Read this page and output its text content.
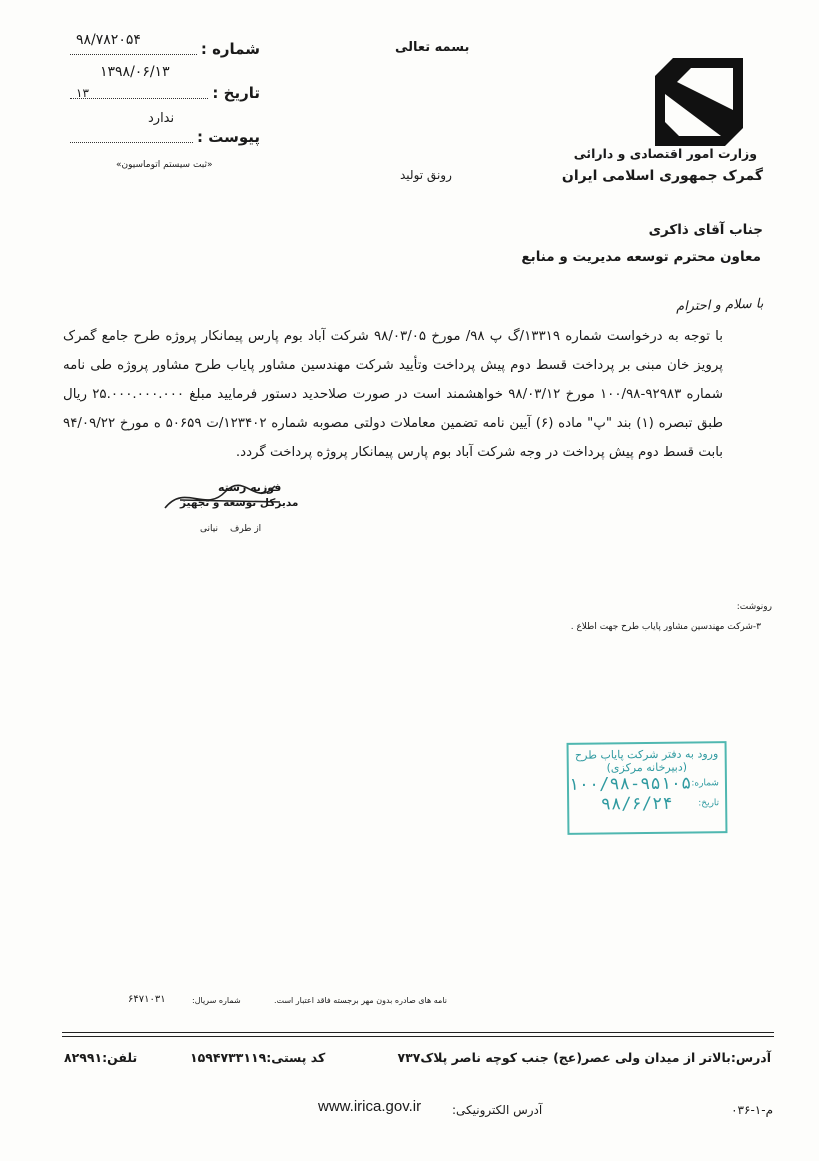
بسمه تعالی
وزارت امور اقتصادی و دارائی
گمرک جمهوری اسلامی ایران
شماره :
۹۸/۷۸۲۰۵۴
تاریخ :
۱۳۹۸/۰۶/۱۳
۱۳
ندارد
پیوست :
«ثبت سیستم اتوماسیون»
رونق تولید
جناب آقای ذاکری
معاون محترم توسعه مدیریت و منابع
با سلام و احترام
با توجه به درخواست شماره ۱۳۳۱۹/گ پ ۹۸/ مورخ ۹۸/۰۳/۰۵ شرکت آباد بوم پارس پیمانکار پروژه طرح جامع گمرک پرویز خان مبنی بر پرداخت قسط دوم پیش پرداخت وتأیید شرکت مهندسین مشاور پایاب طرح مشاور پروژه طی نامه شماره ۹۲۹۸۳-۱۰۰/۹۸ مورخ ۹۸/۰۳/۱۲ خواهشمند است در صورت صلاحدید دستور فرمایید مبلغ ۲۵.۰۰۰.۰۰۰.۰۰۰ ریال طبق تبصره (۱) بند "پ" ماده (۶) آیین نامه تضمین معاملات دولتی مصوبه شماره ۱۲۳۴۰۲/ت ۵۰۶۵۹ ه مورخ ۹۴/۰۹/۲۲ بابت قسط دوم پیش پرداخت در وجه شرکت آباد بوم پارس پیمانکار پروژه پرداخت گردد.
فوزیه رسته
مدیرکل توسعه و تجهیز
از طرف
نیانی
رونوشت:
۳-شرکت مهندسین مشاور پایاب طرح جهت اطلاع .
ورود به دفتر شرکت پایاب طرح
(دبیرخانه مرکزی)
شماره:
۱۰۰/۹۸-۹۵۱۰۵
تاریخ:
۹۸/۶/۲۴
نامه های صادره بدون مهر برجسته فاقد اعتبار است.
شماره سریال:
۶۴۷۱۰۳۱
آدرس:بالاتر از میدان ولی عصر(عج) جنب کوچه ناصر پلاک۷۳۷
کد پستی:۱۵۹۴۷۳۳۱۱۹
تلفن:۸۲۹۹۱
آدرس الکترونیکی:
www.irica.gov.ir	م-۱-۰۳۶
